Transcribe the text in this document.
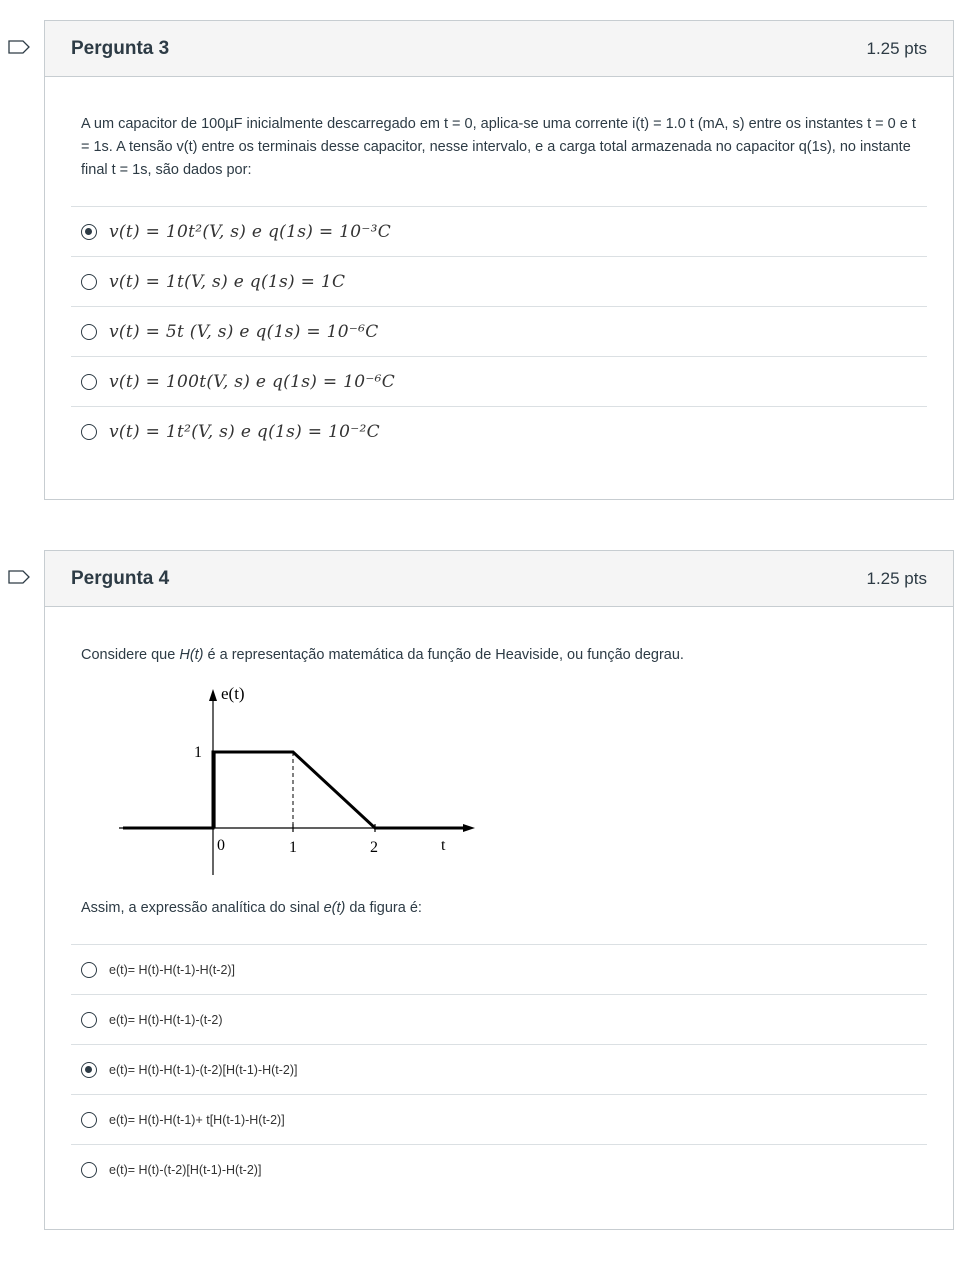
Pergunta 3	1.25 pts
A um capacitor de 100µF inicialmente descarregado em t = 0, aplica-se uma corrente i(t) = 1.0 t (mA, s) entre os instantes t = 0 e t = 1s. A tensão v(t) entre os terminais desse capacitor, nesse intervalo, e a carga total armazenada no capacitor q(1s), no instante final t = 1s, são dados por:
v(t) = 10t²(V, s) e q(1s) = 10⁻³C
v(t) = 1t(V, s) e q(1s) = 1C
v(t) = 5t (V, s) e q(1s) = 10⁻⁶C
v(t) = 100t(V, s) e q(1s) = 10⁻⁶C
v(t) = 1t²(V, s) e q(1s) = 10⁻²C
Pergunta 4	1.25 pts
Considere que H(t) é a representação matemática da função de Heaviside, ou função degrau.
e(t)
1
0	1	2	t
Assim, a expressão analítica do sinal e(t) da figura é:
e(t)= H(t)-H(t-1)-H(t-2)]
e(t)= H(t)-H(t-1)-(t-2)
e(t)= H(t)-H(t-1)-(t-2)[H(t-1)-H(t-2)]
e(t)= H(t)-H(t-1)+ t[H(t-1)-H(t-2)]
e(t)= H(t)-(t-2)[H(t-1)-H(t-2)]
